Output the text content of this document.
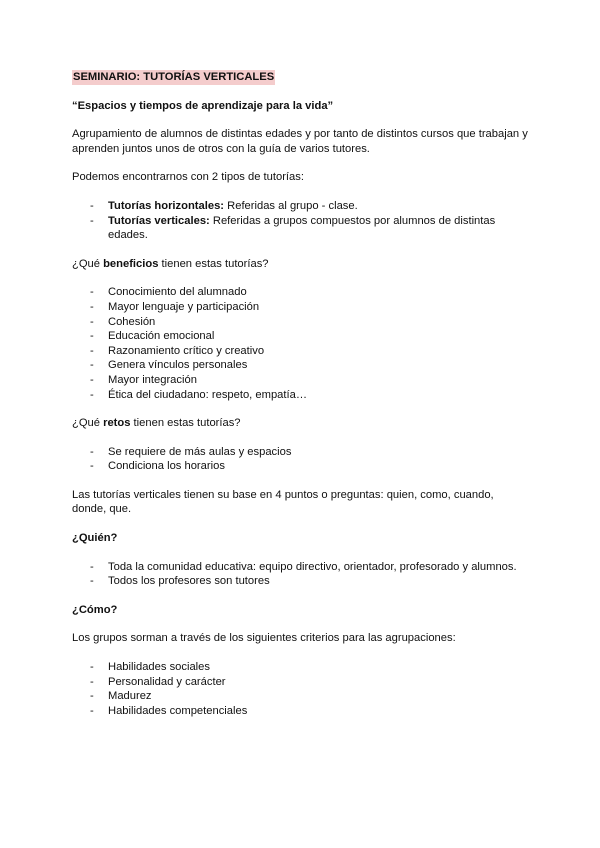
SEMINARIO: TUTORÍAS VERTICALES

“Espacios y tiempos de aprendizaje para la vida”

Agrupamiento de alumnos de distintas edades y por tanto de distintos cursos que trabajan y aprenden juntos unos de otros con la guía de varios tutores.

Podemos encontrarnos con 2 tipos de tutorías:

- Tutorías horizontales: Referidas al grupo - clase.
- Tutorías verticales: Referidas a grupos compuestos por alumnos de distintas edades.

¿Qué beneficios tienen estas tutorías?

- Conocimiento del alumnado
- Mayor lenguaje y participación
- Cohesión
- Educación emocional
- Razonamiento crítico y creativo
- Genera vínculos personales
- Mayor integración
- Ética del ciudadano: respeto, empatía…

¿Qué retos tienen estas tutorías?

- Se requiere de más aulas y espacios
- Condiciona los horarios

Las tutorías verticales tienen su base en 4 puntos o preguntas: quien, como, cuando, donde, que.

¿Quién?

- Toda la comunidad educativa: equipo directivo, orientador, profesorado y alumnos.
- Todos los profesores son tutores

¿Cómo?

Los grupos sorman a través de los siguientes criterios para las agrupaciones:

- Habilidades sociales
- Personalidad y carácter
- Madurez
- Habilidades competenciales
